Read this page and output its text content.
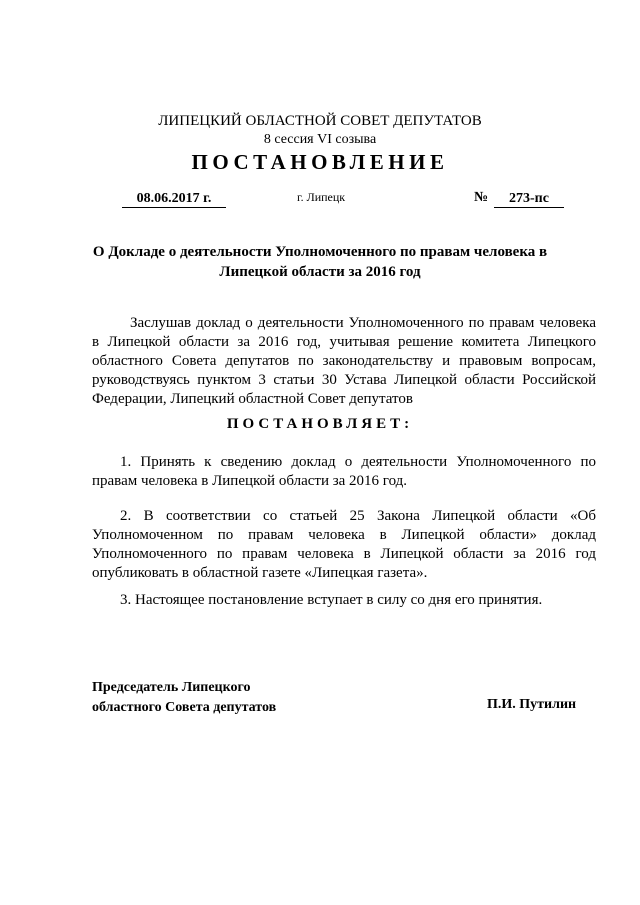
ЛИПЕЦКИЙ ОБЛАСТНОЙ СОВЕТ ДЕПУТАТОВ
8 сессия VI созыва
ПОСТАНОВЛЕНИЕ
08.06.2017 г.	г. Липецк	№	273-пс
О Докладе о деятельности Уполномоченного по правам человека в
Липецкой области за 2016 год
Заслушав доклад о деятельности Уполномоченного по правам человека в Липецкой области за 2016 год, учитывая решение комитета Липецкого областного Совета депутатов по законодательству и правовым вопросам, руководствуясь пунктом 3 статьи 30 Устава Липецкой области Российской Федерации, Липецкий областной Совет депутатов
ПОСТАНОВЛЯЕТ:
1. Принять к сведению доклад о деятельности Уполномоченного по правам человека в Липецкой области за 2016 год.
2. В соответствии со статьей 25 Закона Липецкой области «Об Уполномоченном по правам человека в Липецкой области» доклад Уполномоченного по правам человека в Липецкой области за 2016 год опубликовать в областной газете «Липецкая газета».
3. Настоящее постановление вступает в силу со дня его принятия.
Председатель Липецкого
областного Совета депутатов	П.И. Путилин
